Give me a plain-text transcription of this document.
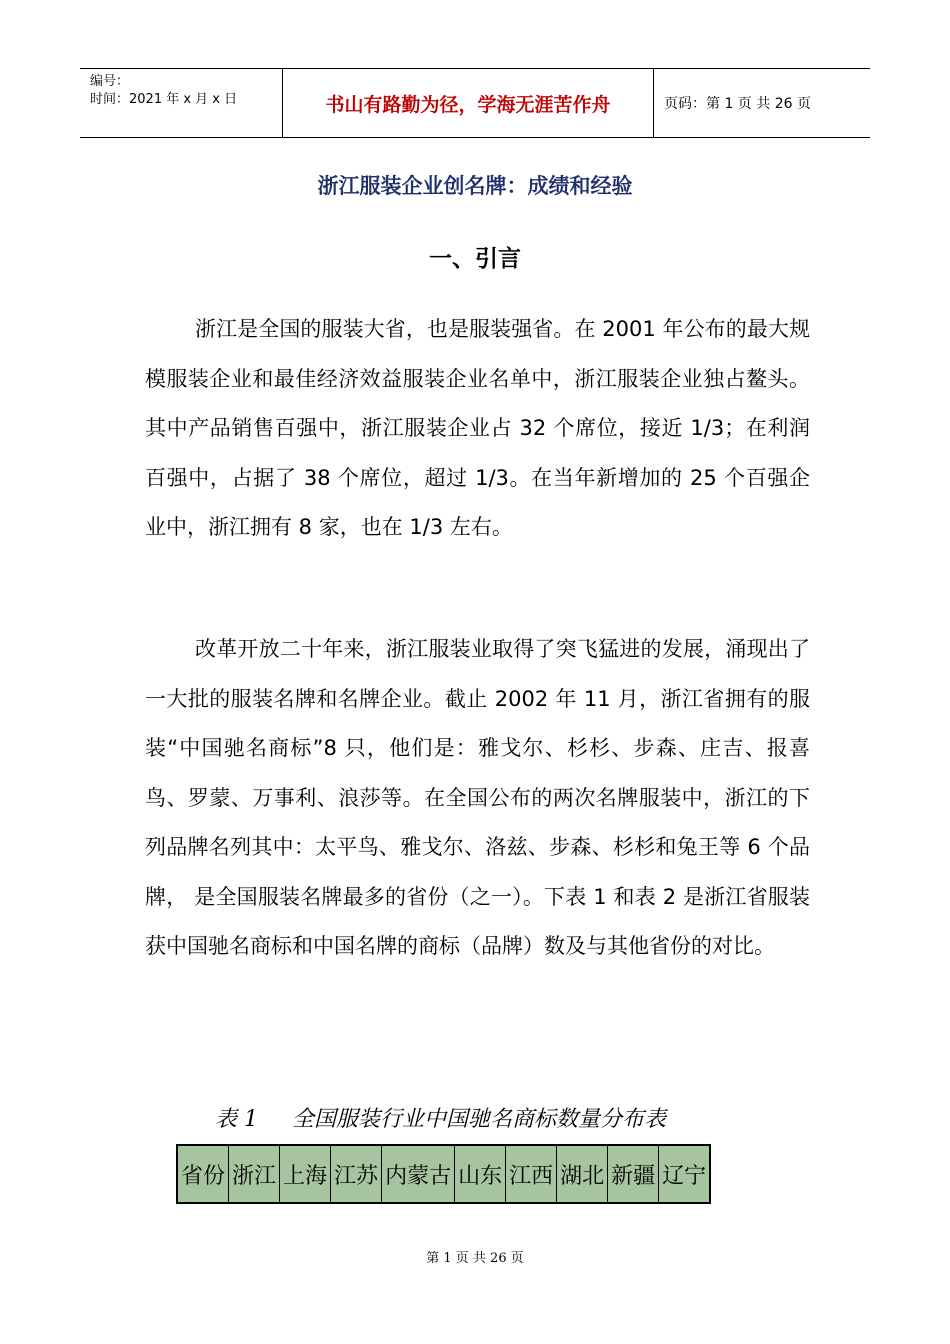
编号：
时间：2021 年 x 月 x 日	书山有路勤为径，学海无涯苦作舟	页码：第 1 页 共 26 页
浙江服装企业创名牌：成绩和经验
一、引言
浙江是全国的服装大省，也是服装强省。在 2001 年公布的最大规模服装企业和最佳经济效益服装企业名单中，浙江服装企业独占鳌头。其中产品销售百强中，浙江服装企业占 32 个席位，接近 1/3；在利润百强中，占据了 38 个席位，超过 1/3。在当年新增加的 25 个百强企业中，浙江拥有 8 家，也在 1/3 左右。
改革开放二十年来，浙江服装业取得了突飞猛进的发展，涌现出了一大批的服装名牌和名牌企业。截止 2002 年 11 月，浙江省拥有的服装“中国驰名商标”8 只，他们是：雅戈尔、杉杉、步森、庄吉、报喜鸟、罗蒙、万事利、浪莎等。在全国公布的两次名牌服装中，浙江的下列品牌名列其中：太平鸟、雅戈尔、洛兹、步森、杉杉和兔王等 6 个品牌， 是全国服装名牌最多的省份（之一）。下表 1 和表 2 是浙江省服装获中国驰名商标和中国名牌的商标（品牌）数及与其他省份的对比。
表 1 全国服装行业中国驰名商标数量分布表
省份	浙江	上海	江苏	内蒙古	山东	江西	湖北	新疆	辽宁
第 1 页 共 26 页
